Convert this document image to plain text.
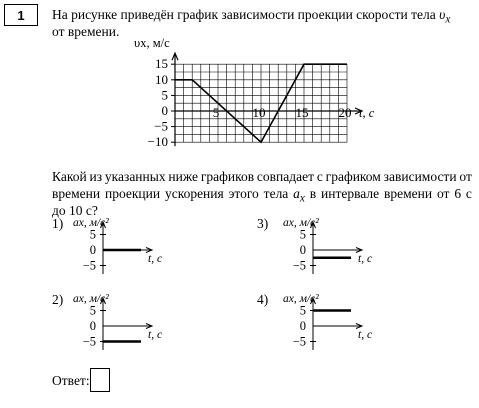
1	На рисунке приведён график зависимости проекции скорости тела $\upsilon_x$
от времени.
15
10
5
0
−5
−10
5	10 15 20
υx, м/с
t, с
Какой из указанных ниже графиков совпадает с графиком зависимости от
времени проекции ускорения этого тела $a_x$ в интервале времени от 6 с
до 10 с?
1)
5
0
−5
ax, м/с²
t, с
2)
5
0
−5
ax, м/с²
t, с
3)
5
0
−5
ax, м/с²
t, с
4)
5
0
−5
ax, м/с²
t, с
Ответ:
